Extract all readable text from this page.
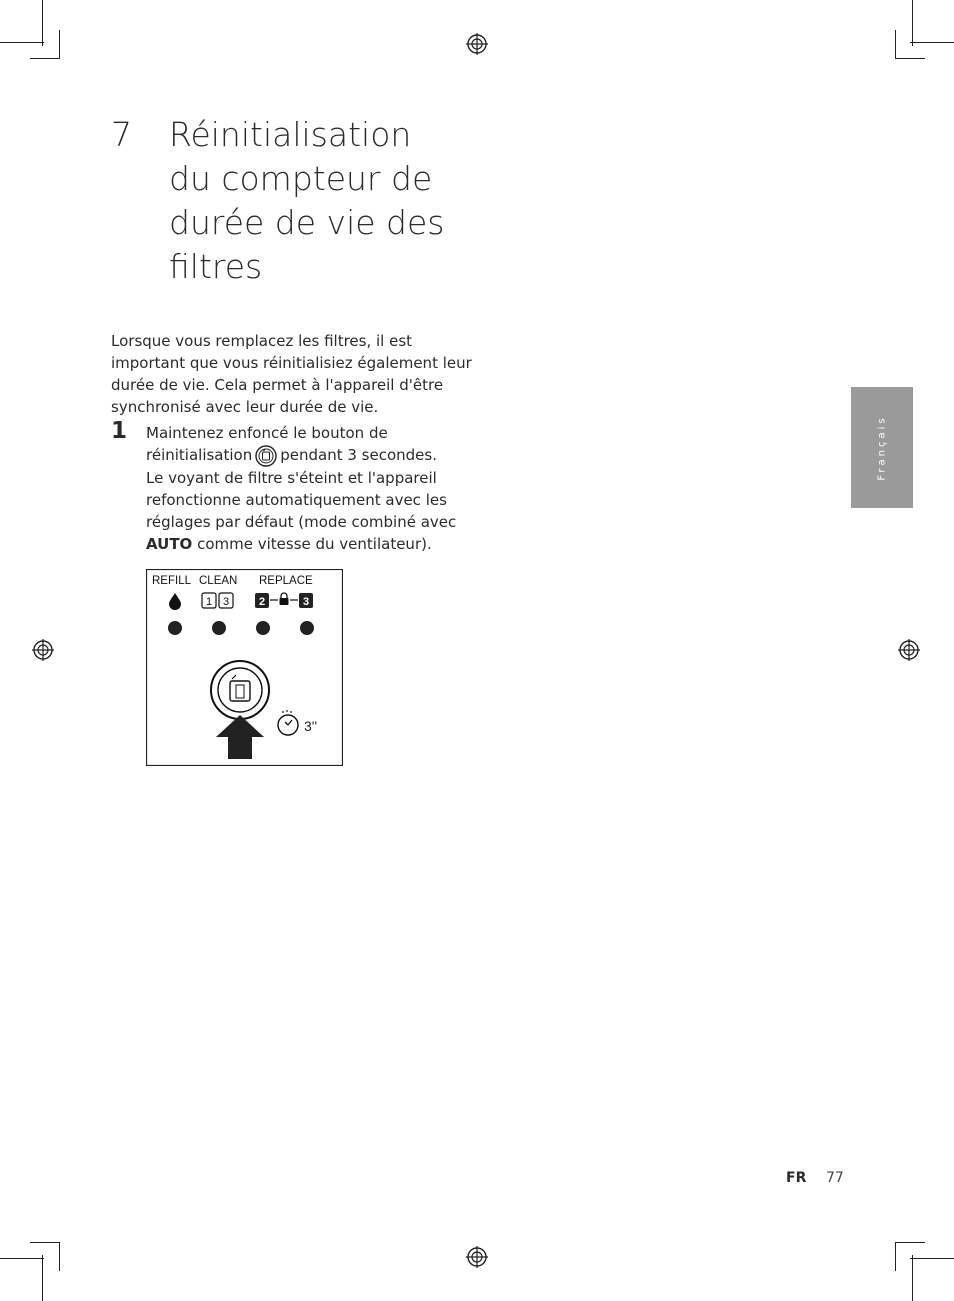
7 Réinitialisation
du compteur de
durée de vie des
filtres
Lorsque vous remplacez les filtres, il est
important que vous réinitialisiez également leur
durée de vie. Cela permet à l'appareil d'être
synchronisé avec leur durée de vie.
1 Maintenez enfoncé le bouton de
réinitialisation pendant 3 secondes.
Le voyant de filtre s'éteint et l'appareil
refonctionne automatiquement avec les
réglages par défaut (mode combiné avec
AUTO comme vitesse du ventilateur).
REFILL CLEAN REPLACE
1 3	2	3
3''
Français
FR 77
